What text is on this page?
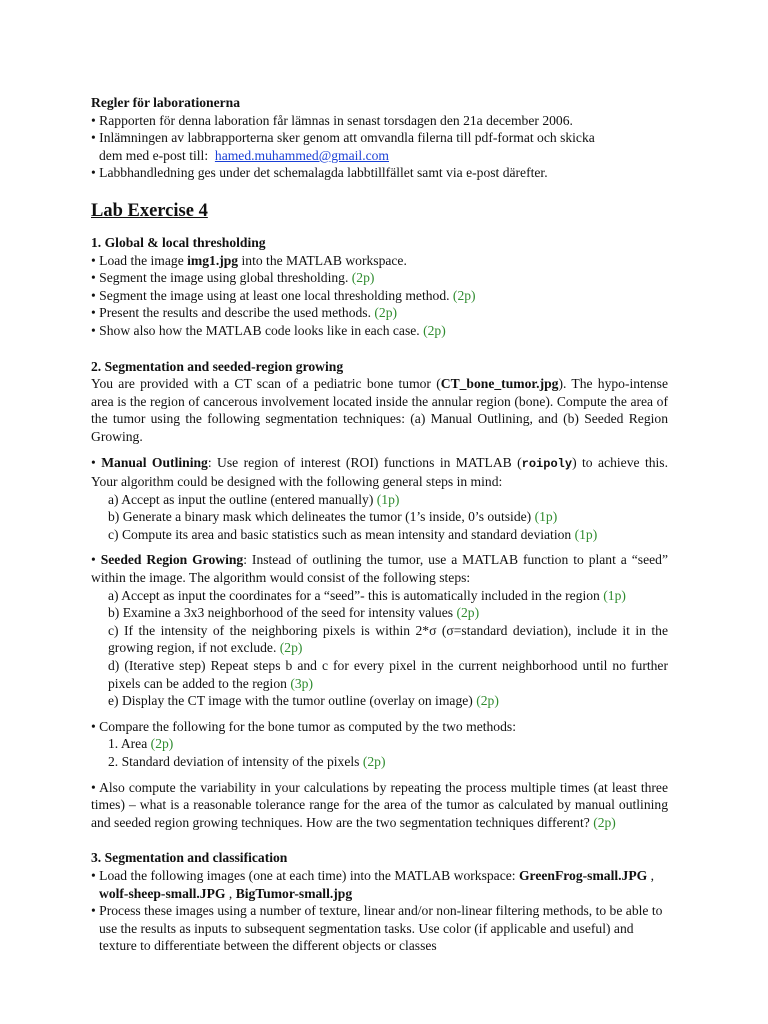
Regler för laborationerna

• Rapporten för denna laboration får lämnas in senast torsdagen den 21a december 2006.

• Inlämningen av labbrapporterna sker genom att omvandla filerna till pdf-format och skicka

dem med e-post till: hamed.muhammed@gmail.com

• Labbhandledning ges under det schemalagda labbtillfället samt via e-post därefter.

Lab Exercise 4

1. Global & local thresholding

• Load the image img1.jpg into the MATLAB workspace.

• Segment the image using global thresholding. (2p)

• Segment the image using at least one local thresholding method. (2p)

• Present the results and describe the used methods. (2p)

• Show also how the MATLAB code looks like in each case. (2p)

2. Segmentation and seeded-region growing

You are provided with a CT scan of a pediatric bone tumor (CT_bone_tumor.jpg). The hypo-intense area is the region of cancerous involvement located inside the annular region (bone). Compute the area of the tumor using the following segmentation techniques: (a) Manual Outlining, and (b) Seeded Region Growing.

• Manual Outlining: Use region of interest (ROI) functions in MATLAB (roipoly) to achieve this. Your algorithm could be designed with the following general steps in mind:

a) Accept as input the outline (entered manually) (1p)

b) Generate a binary mask which delineates the tumor (1’s inside, 0’s outside) (1p)

c) Compute its area and basic statistics such as mean intensity and standard deviation (1p)

• Seeded Region Growing: Instead of outlining the tumor, use a MATLAB function to plant a “seed” within the image. The algorithm would consist of the following steps:

a) Accept as input the coordinates for a “seed”- this is automatically included in the region (1p)

b) Examine a 3x3 neighborhood of the seed for intensity values (2p)

c) If the intensity of the neighboring pixels is within 2*σ (σ=standard deviation), include it in the growing region, if not exclude. (2p)

d) (Iterative step) Repeat steps b and c for every pixel in the current neighborhood until no further pixels can be added to the region (3p)

e) Display the CT image with the tumor outline (overlay on image) (2p)

• Compare the following for the bone tumor as computed by the two methods:

1. Area (2p)

2. Standard deviation of intensity of the pixels (2p)

• Also compute the variability in your calculations by repeating the process multiple times (at least three times) – what is a reasonable tolerance range for the area of the tumor as calculated by manual outlining and seeded region growing techniques. How are the two segmentation techniques different? (2p)

3. Segmentation and classification

• Load the following images (one at each time) into the MATLAB workspace: GreenFrog-small.JPG , wolf-sheep-small.JPG , BigTumor-small.jpg

• Process these images using a number of texture, linear and/or non-linear filtering methods, to be able to use the results as inputs to subsequent segmentation tasks. Use color (if applicable and useful) and texture to differentiate between the different objects or classes
